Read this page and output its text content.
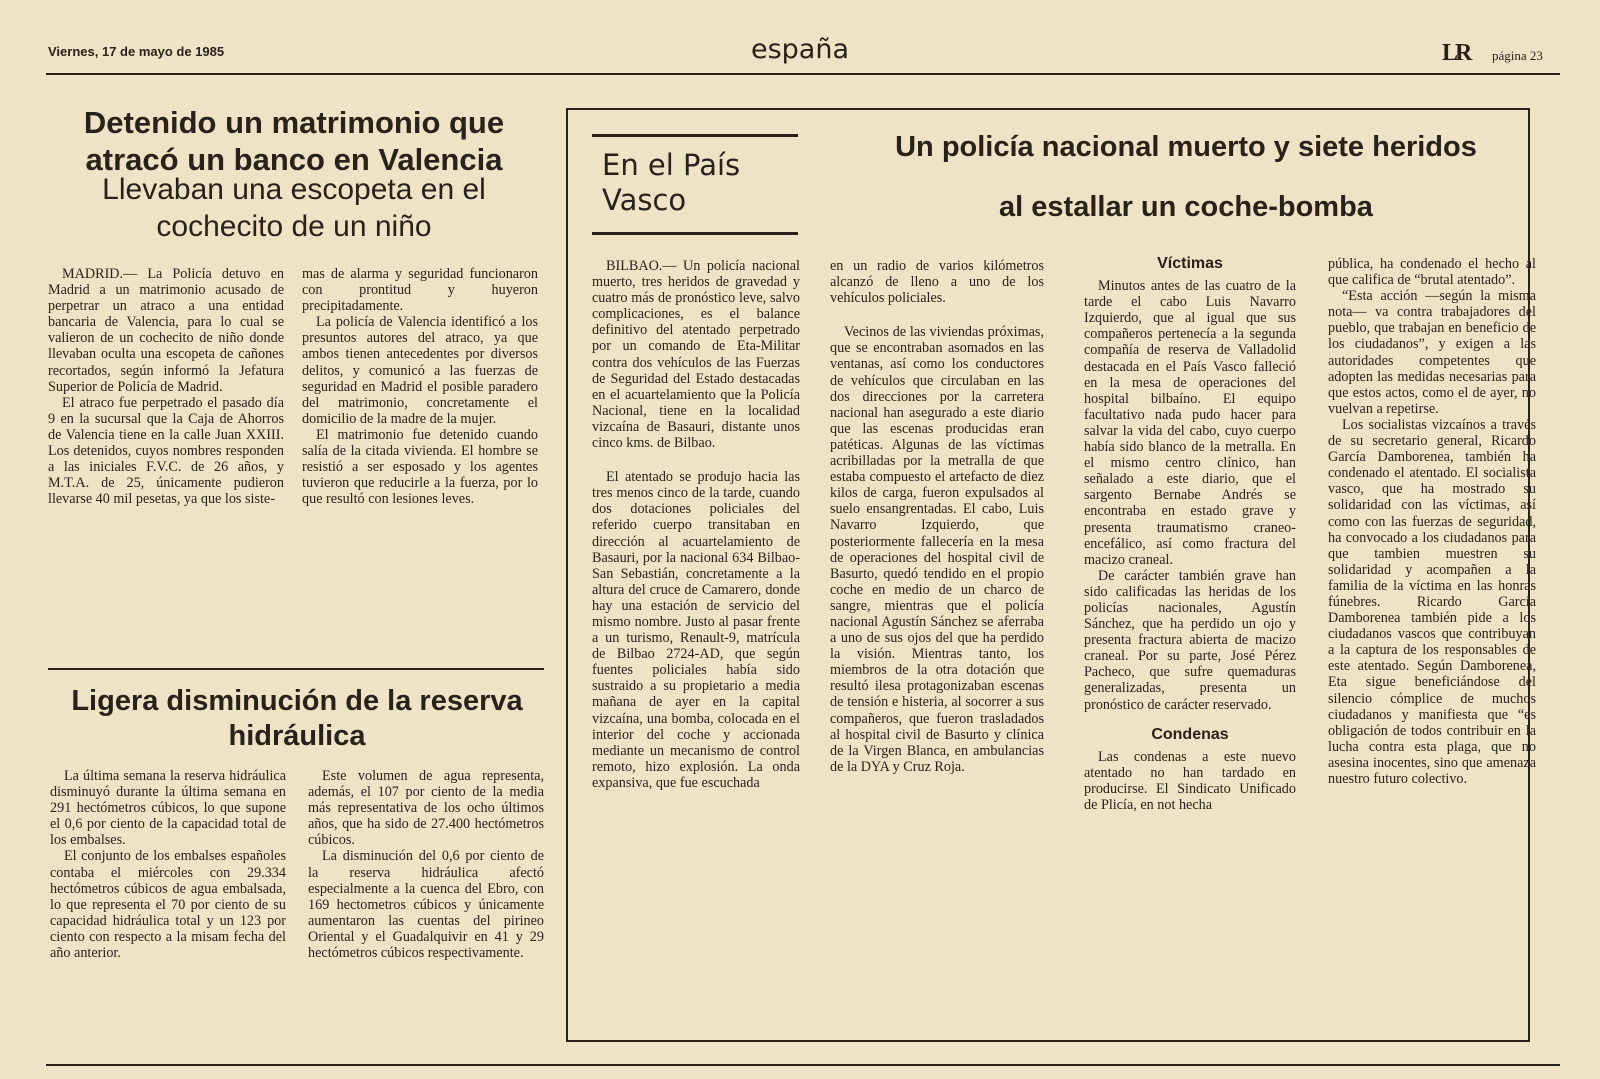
Viernes, 17 de mayo de 1985	españa	LR página 23
Detenido un matrimonio que atracó un banco en Valencia
Llevaban una escopeta en el cochecito de un niño

MADRID.— La Policía detuvo en Madrid a un matrimonio acusado de perpetrar un atraco a una entidad bancaria de Valencia, para lo cual se valieron de un cochecito de niño donde llevaban oculta una escopeta de cañones recortados, según informó la Jefatura Superior de Policía de Madrid.

El atraco fue perpetrado el pasado día 9 en la sucursal que la Caja de Ahorros de Valencia tiene en la calle Juan XXIII. Los detenidos, cuyos nombres responden a las iniciales F.V.C. de 26 años, y M.T.A. de 25, únicamente pudieron llevarse 40 mil pesetas, ya que los siste-

mas de alarma y seguridad funcionaron con prontitud y huyeron precipitadamente.

La policía de Valencia identificó a los presuntos autores del atraco, ya que ambos tienen antecedentes por diversos delitos, y comunicó a las fuerzas de seguridad en Madrid el posible paradero del matrimonio, concretamente el domicilio de la madre de la mujer.

El matrimonio fue detenido cuando salía de la citada vivienda. El hombre se resistió a ser esposado y los agentes tuvieron que reducirle a la fuerza, por lo que resultó con lesiones leves.

Ligera disminución de la reserva hidráulica

La última semana la reserva hidráulica disminuyó durante la última semana en 291 hectómetros cúbicos, lo que supone el 0,6 por ciento de la capacidad total de los embalses.

El conjunto de los embalses españoles contaba el miércoles con 29.334 hectómetros cúbicos de agua embalsada, lo que representa el 70 por ciento de su capacidad hidráulica total y un 123 por ciento con respecto a la misam fecha del año anterior.

Este volumen de agua representa, además, el 107 por ciento de la media más representativa de los ocho últimos años, que ha sido de 27.400 hectómetros cúbicos.

La disminución del 0,6 por ciento de la reserva hidráulica afectó especialmente a la cuenca del Ebro, con 169 hectometros cúbicos y únicamente aumentaron las cuentas del pirineo Oriental y el Guadalquivir en 41 y 29 hectómetros cúbicos respectivamente.

En el País Vasco
Un policía nacional muerto y siete heridos
al estallar un coche-bomba

BILBAO.— Un policía nacional muerto, tres heridos de gravedad y cuatro más de pronóstico leve, salvo complicaciones, es el balance definitivo del atentado perpetrado por un comando de Eta-Militar contra dos vehículos de las Fuerzas de Seguridad del Estado destacadas en el acuartelamiento que la Policía Nacional, tiene en la localidad vizcaína de Basauri, distante unos cinco kms. de Bilbao.

El atentado se produjo hacia las tres menos cinco de la tarde, cuando dos dotaciones policiales del referido cuerpo transitaban en dirección al acuartelamiento de Basauri, por la nacional 634 Bilbao-San Sebastián, concretamente a la altura del cruce de Camarero, donde hay una estación de servicio del mismo nombre. Justo al pasar frente a un turismo, Renault-9, matrícula de Bilbao 2724-AD, que según fuentes policiales había sido sustraido a su propietario a media mañana de ayer en la capital vizcaína, una bomba, colocada en el interior del coche y accionada mediante un mecanismo de control remoto, hizo explosión. La onda expansiva, que fue escuchada

en un radio de varios kilómetros alcanzó de lleno a uno de los vehículos policiales.

Vecinos de las viviendas próximas, que se encontraban asomados en las ventanas, así como los conductores de vehículos que circulaban en las dos direcciones por la carretera nacional han asegurado a este diario que las escenas producidas eran patéticas. Algunas de las víctimas acribilladas por la metralla de que estaba compuesto el artefacto de diez kilos de carga, fueron expulsados al suelo ensangrentadas. El cabo, Luis Navarro Izquierdo, que posteriormente fallecería en la mesa de operaciones del hospital civil de Basurto, quedó tendido en el propio coche en medio de un charco de sangre, mientras que el policía nacional Agustín Sánchez se aferraba a uno de sus ojos del que ha perdido la visión. Mientras tanto, los miembros de la otra dotación que resultó ilesa protagonizaban escenas de tensión e histeria, al socorrer a sus compañeros, que fueron trasladados al hospital civil de Basurto y clínica de la Virgen Blanca, en ambulancias de la DYA y Cruz Roja.

Víctimas

Minutos antes de las cuatro de la tarde el cabo Luis Navarro Izquierdo, que al igual que sus compañeros pertenecía a la segunda compañía de reserva de Valladolid destacada en el País Vasco falleció en la mesa de operaciones del hospital bilbaíno. El equipo facultativo nada pudo hacer para salvar la vida del cabo, cuyo cuerpo había sido blanco de la metralla. En el mismo centro clínico, han señalado a este diario, que el sargento Bernabe Andrés se encontraba en estado grave y presenta traumatismo craneo-encefálico, así como fractura del macizo craneal.

De carácter también grave han sido calificadas las heridas de los policías nacionales, Agustín Sánchez, que ha perdido un ojo y presenta fractura abierta de macizo craneal. Por su parte, José Pérez Pacheco, que sufre quemaduras generalizadas, presenta un pronóstico de carácter reservado.

Condenas

Las condenas a este nuevo atentado no han tardado en producirse. El Sindicato Unificado de Plicía, en not hecha

pública, ha condenado el hecho al que califica de “brutal atentado”.

“Esta acción —según la misma nota— va contra trabajadores del pueblo, que trabajan en beneficio de los ciudadanos”, y exigen a las autoridades competentes que adopten las medidas necesarias para que estos actos, como el de ayer, no vuelvan a repetirse.

Los socialistas vizcaínos a través de su secretario general, Ricardo García Damborenea, también ha condenado el atentado. El socialista vasco, que ha mostrado su solidaridad con las víctimas, así como con las fuerzas de seguridad, ha convocado a los ciudadanos para que tambien muestren su solidaridad y acompañen a la familia de la víctima en las honras fúnebres. Ricardo García Damborenea también pide a los ciudadanos vascos que contribuyan a la captura de los responsables de este atentado. Según Damborenea, Eta sigue beneficiándose del silencio cómplice de muchos ciudadanos y manifiesta que “es obligación de todos contribuir en la lucha contra esta plaga, que no asesina inocentes, sino que amenaza nuestro futuro colectivo.
